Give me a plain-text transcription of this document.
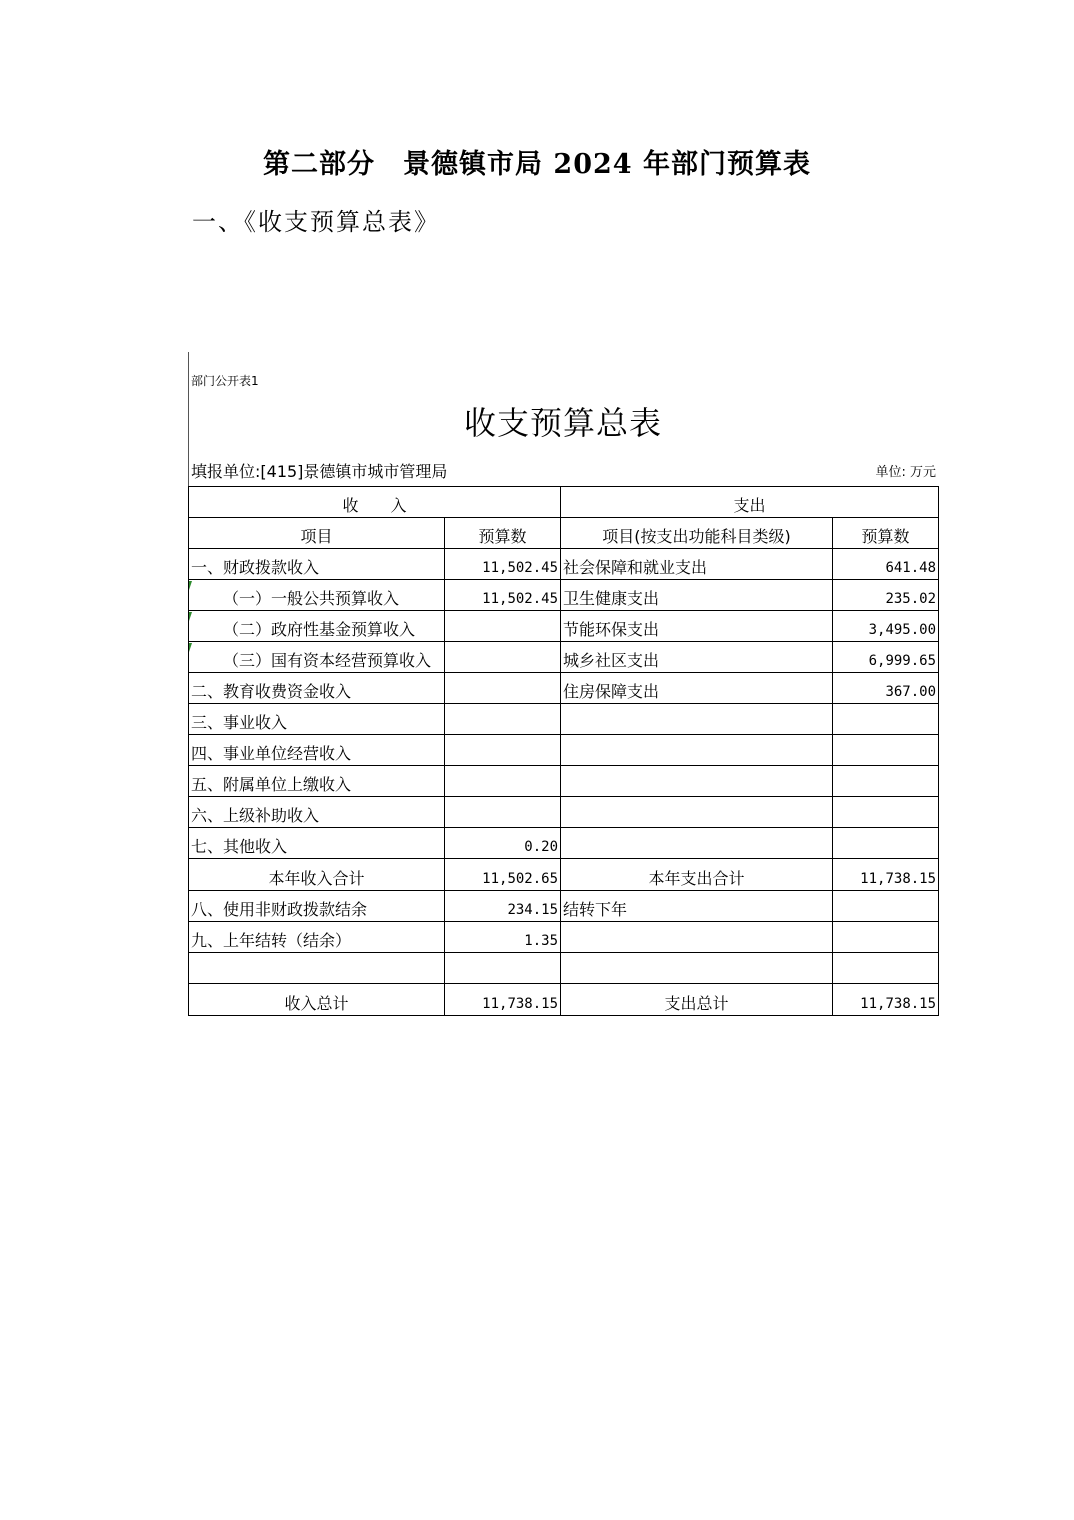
第二部分　景德镇市局 2024 年部门预算表
一、《收支预算总表》
部门公开表1
收支预算总表
填报单位:[415]景德镇市城市管理局	单位: 万元
收　　入		支出	
项目	预算数	项目(按支出功能科目类级)	预算数
一、财政拨款收入	11,502.45	社会保障和就业支出	641.48

（一）一般公共预算收入	11,502.45	卫生健康支出	235.02

（二）政府性基金预算收入		节能环保支出	3,495.00

（三）国有资本经营预算收入		城乡社区支出	6,999.65
二、教育收费资金收入		住房保障支出	367.00
三、事业收入			
四、事业单位经营收入			
五、附属单位上缴收入			
六、上级补助收入			
七、其他收入	0.20		
本年收入合计	11,502.65	本年支出合计	11,738.15
八、使用非财政拨款结余	234.15	结转下年	
九、上年结转（结余）	1.35		

收入总计	11,738.15	支出总计	11,738.15
